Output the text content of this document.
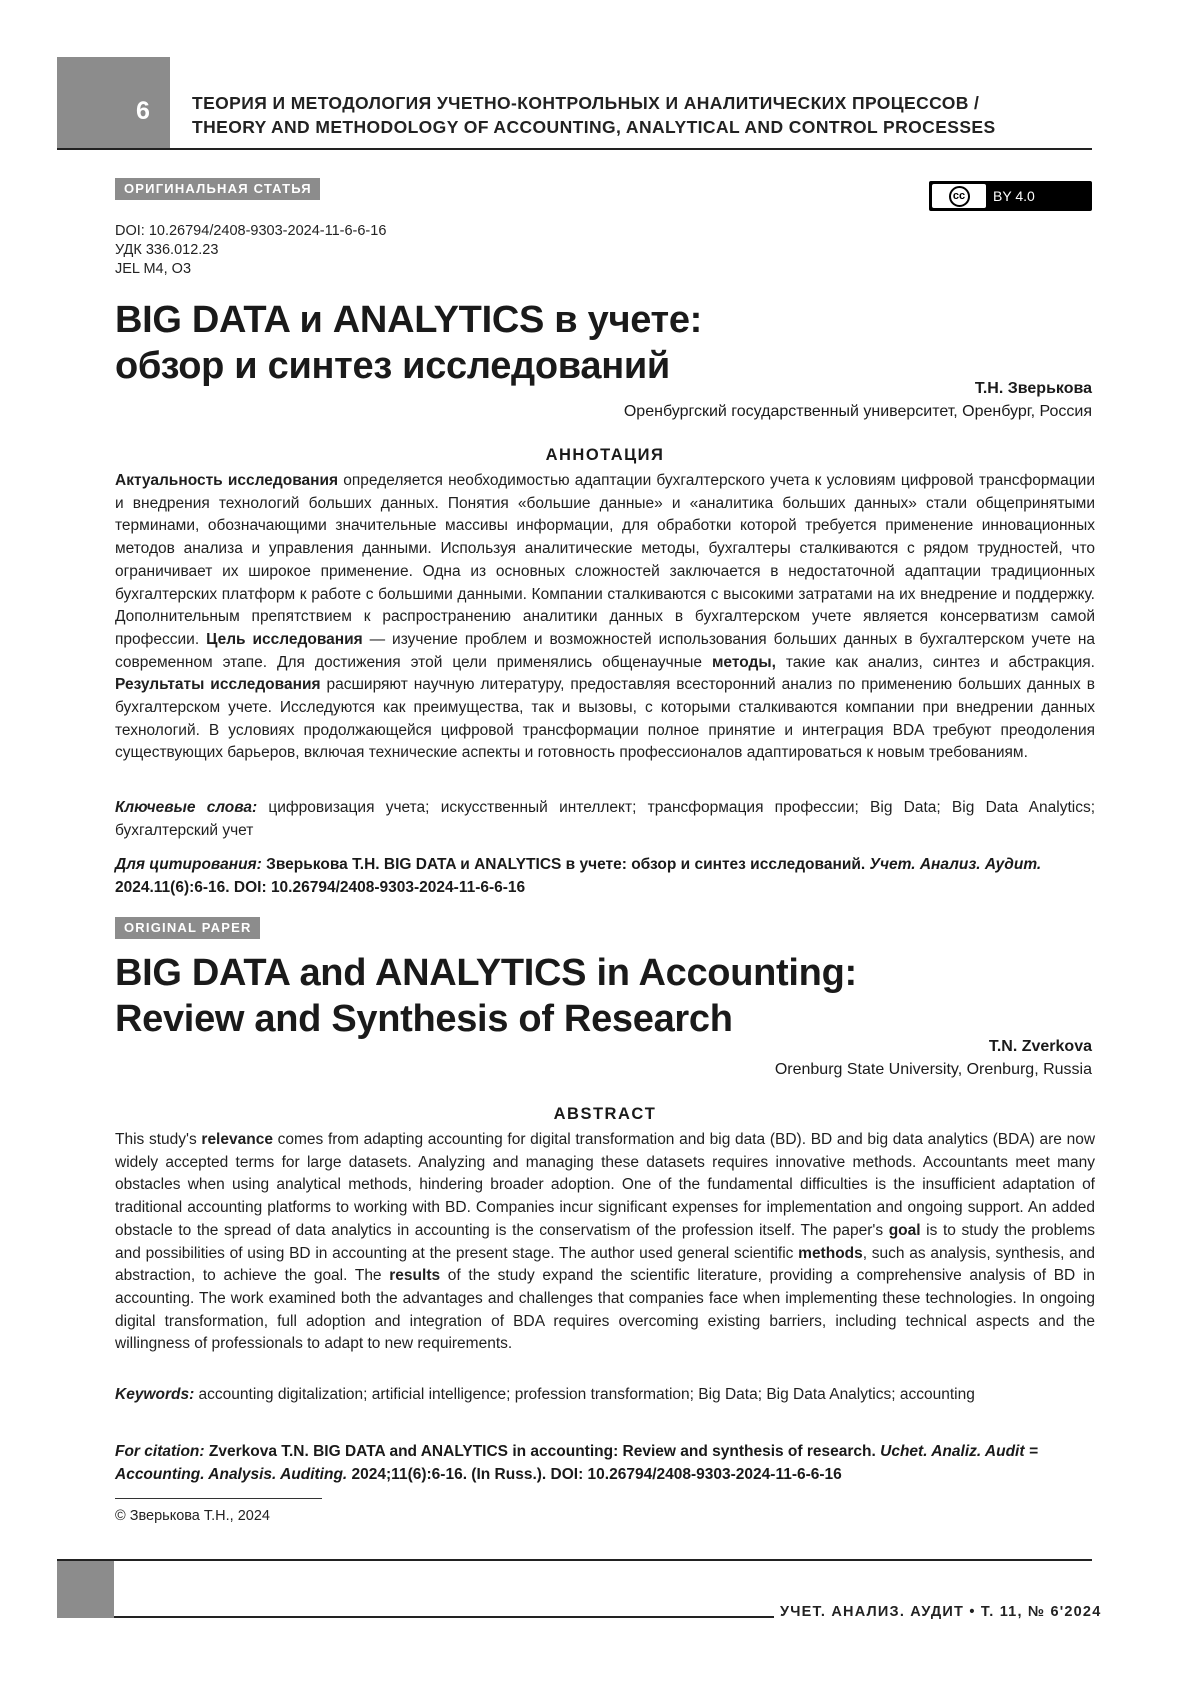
6 ТЕОРИЯ И МЕТОДОЛОГИЯ УЧЕТНО-КОНТРОЛЬНЫХ И АНАЛИТИЧЕСКИХ ПРОЦЕССОВ /
THEORY AND METHODOLOGY OF ACCOUNTING, ANALYTICAL AND CONTROL PROCESSES
ОРИГИНАЛЬНАЯ СТАТЬЯ	cc	BY 4.0
DOI: 10.26794/2408-9303-2024-11-6-6-16
УДК 336.012.23
JEL M4, O3
BIG DATA и ANALYTICS в учете:
обзор и синтез исследований
Т.Н. Зверькова
Оренбургский государственный университет, Оренбург, Россия
АННОТАЦИЯ
Актуальность исследования определяется необходимостью адаптации бухгалтерского учета к условиям цифровой трансформации и внедрения технологий больших данных. Понятия «большие данные» и «аналитика больших данных» стали общепринятыми терминами, обозначающими значительные массивы информации, для обработки которой требуется применение инновационных методов анализа и управления данными. Используя аналитические методы, бухгалтеры сталкиваются с рядом трудностей, что ограничивает их широкое применение. Одна из основных сложностей заключается в недостаточной адаптации традиционных бухгалтерских платформ к работе с большими данными. Компании сталкиваются с высокими затратами на их внедрение и поддержку. Дополнительным препятствием к распространению аналитики данных в бухгалтерском учете является консерватизм самой профессии. Цель исследования — изучение проблем и возможностей использования больших данных в бухгалтерском учете на современном этапе. Для достижения этой цели применялись общенаучные методы, такие как анализ, синтез и абстракция. Результаты исследования расширяют научную литературу, предоставляя всесторонний анализ по применению больших данных в бухгалтерском учете. Исследуются как преимущества, так и вызовы, с которыми сталкиваются компании при внедрении данных технологий. В условиях продолжающейся цифровой трансформации полное принятие и интеграция BDA требуют преодоления существующих барьеров, включая технические аспекты и готовность профессионалов адаптироваться к новым требованиям.
Ключевые слова: цифровизация учета; искусственный интеллект; трансформация профессии; Big Data; Big Data Analytics; бухгалтерский учет
Для цитирования: Зверькова Т.Н. BIG DATA и ANALYTICS в учете: обзор и синтез исследований. Учет. Анализ. Аудит. 2024.11(6):6-16. DOI: 10.26794/2408-9303-2024-11-6-6-16
ORIGINAL PAPER
BIG DATA and ANALYTICS in Accounting:
Review and Synthesis of Research
T.N. Zverkova
Orenburg State University, Orenburg, Russia
ABSTRACT
This study's relevance comes from adapting accounting for digital transformation and big data (BD). BD and big data analytics (BDA) are now widely accepted terms for large datasets. Analyzing and managing these datasets requires innovative methods. Accountants meet many obstacles when using analytical methods, hindering broader adoption. One of the fundamental difficulties is the insufficient adaptation of traditional accounting platforms to working with BD. Companies incur significant expenses for implementation and ongoing support. An added obstacle to the spread of data analytics in accounting is the conservatism of the profession itself. The paper's goal is to study the problems and possibilities of using BD in accounting at the present stage. The author used general scientific methods, such as analysis, synthesis, and abstraction, to achieve the goal. The results of the study expand the scientific literature, providing a comprehensive analysis of BD in accounting. The work examined both the advantages and challenges that companies face when implementing these technologies. In ongoing digital transformation, full adoption and integration of BDA requires overcoming existing barriers, including technical aspects and the willingness of professionals to adapt to new requirements.
Keywords: accounting digitalization; artificial intelligence; profession transformation; Big Data; Big Data Analytics; accounting
For citation: Zverkova T.N. BIG DATA and ANALYTICS in accounting: Review and synthesis of research. Uchet. Analiz. Audit = Accounting. Analysis. Auditing. 2024;11(6):6-16. (In Russ.). DOI: 10.26794/2408-9303-2024-11-6-6-16
© Зверькова Т.Н., 2024
УЧЕТ. АНАЛИЗ. АУДИТ • Т. 11, № 6'2024
